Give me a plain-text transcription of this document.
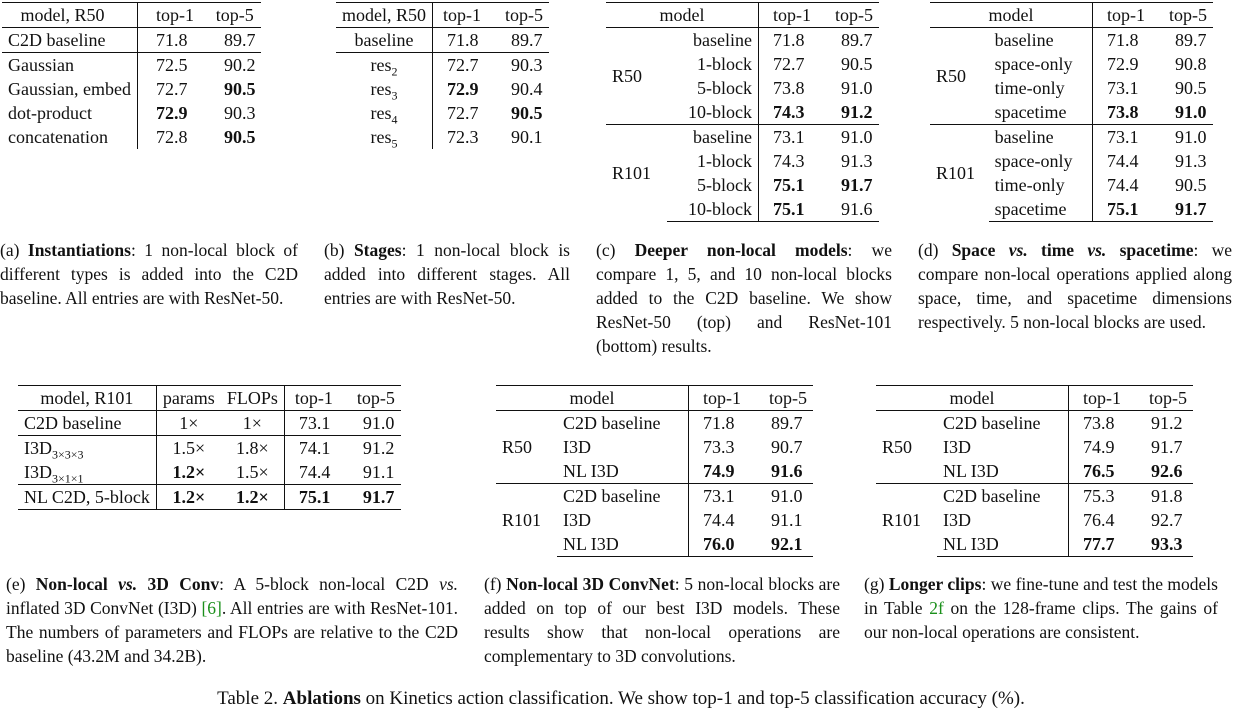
model, R50	top-1	top-5
C2D baseline	71.8	89.7
Gaussian	72.5	90.2
Gaussian, embed	72.7	90.5
dot-product	72.9	90.3
concatenation	72.8	90.5
model, R50	top-1	top-5
baseline	71.8	89.7
res$_2$	72.7	90.3
res$_3$	72.9	90.4
res$_4$	72.7	90.5
res$_5$	72.3	90.1
model		top-1	top-5
R50	baseline	71.8	89.7
	1-block	72.7	90.5
	5-block	73.8	91.0
	10-block	74.3	91.2
R101	baseline	73.1	91.0
	1-block	74.3	91.3
	5-block	75.1	91.7
	10-block	75.1	91.6
model		top-1	top-5
R50	baseline	71.8	89.7
	space-only	72.9	90.8
	time-only	73.1	90.5
	spacetime	73.8	91.0
R101	baseline	73.1	91.0
	space-only	74.4	91.3
	time-only	74.4	90.5
	spacetime	75.1	91.7
(a) Instantiations: 1 non-local block of different types is added into the C2D baseline. All entries are with ResNet-50.
(b) Stages: 1 non-local block is added into different stages. All entries are with ResNet-50.
(c) Deeper non-local models: we compare 1, 5, and 10 non-local blocks added to the C2D baseline. We show ResNet-50 (top) and ResNet-101 (bottom) results.
(d) Space vs. time vs. spacetime: we compare non-local operations applied along space, time, and spacetime dimensions respectively. 5 non-local blocks are used.
model, R101	params	FLOPs	top-1	top-5
C2D baseline	1×	1×	73.1	91.0
$I3D_{3\times 3\times 3}$	1.5×	1.8×	74.1	91.2
$I3D_{3\times 1\times 1}$	1.2×	1.5×	74.4	91.1
NL C2D, 5-block	1.2×	1.2×	75.1	91.7
model		top-1	top-5
R50	C2D baseline	71.8	89.7
	I3D	73.3	90.7
	NL I3D	74.9	91.6
R101	C2D baseline	73.1	91.0
	I3D	74.4	91.1
	NL I3D	76.0	92.1
model		top-1	top-5
R50	C2D baseline	73.8	91.2
	I3D	74.9	91.7
	NL I3D	76.5	92.6
R101	C2D baseline	75.3	91.8
	I3D	76.4	92.7
	NL I3D	77.7	93.3
(e) Non-local vs. 3D Conv: A 5-block non-local C2D vs. inflated 3D ConvNet (I3D) [6]. All entries are with ResNet-101. The numbers of parameters and FLOPs are relative to the C2D baseline (43.2M and 34.2B).
(f) Non-local 3D ConvNet: 5 non-local blocks are added on top of our best I3D models. These results show that non-local operations are complementary to 3D convolutions.
(g) Longer clips: we fine-tune and test the models in Table 2f on the 128-frame clips. The gains of our non-local operations are consistent.
Table 2. Ablations on Kinetics action classification. We show top-1 and top-5 classification accuracy (%).
